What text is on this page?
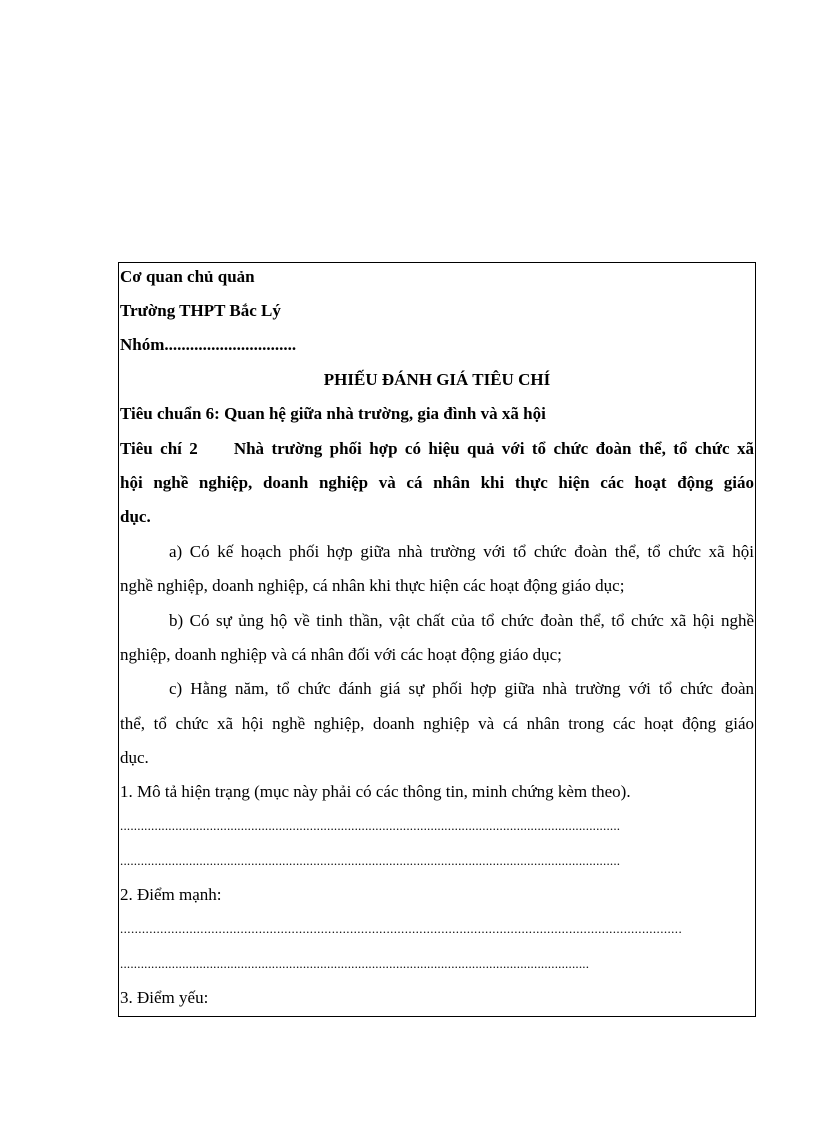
Cơ quan chủ quản
Trường THPT Bắc Lý
Nhóm...............................
PHIẾU ĐÁNH GIÁ TIÊU CHÍ
Tiêu chuẩn 6: Quan hệ giữa nhà trường, gia đình và xã hội
Tiêu chí 2 Nhà trường phối hợp có hiệu quả với tổ chức đoàn thể, tổ chức xã
hội nghề nghiệp, doanh nghiệp và cá nhân khi thực hiện các hoạt động giáo
dục.
a) Có kế hoạch phối hợp giữa nhà trường với tổ chức đoàn thể, tổ chức xã hội
nghề nghiệp, doanh nghiệp, cá nhân khi thực hiện các hoạt động giáo dục;
b) Có sự ủng hộ về tinh thần, vật chất của tổ chức đoàn thể, tổ chức xã hội nghề
nghiệp, doanh nghiệp và cá nhân đối với các hoạt động giáo dục;
c) Hằng năm, tổ chức đánh giá sự phối hợp giữa nhà trường với tổ chức đoàn
thể, tổ chức xã hội nghề nghiệp, doanh nghiệp và cá nhân trong các hoạt động giáo
dục.
1. Mô tả hiện trạng (mục này phải có các thông tin, minh chứng kèm theo).
.................................................................................................................................................
.................................................................................................................................................
2. Điểm mạnh:
..........................................................................................................................................................
........................................................................................................................................
3. Điểm yếu:
